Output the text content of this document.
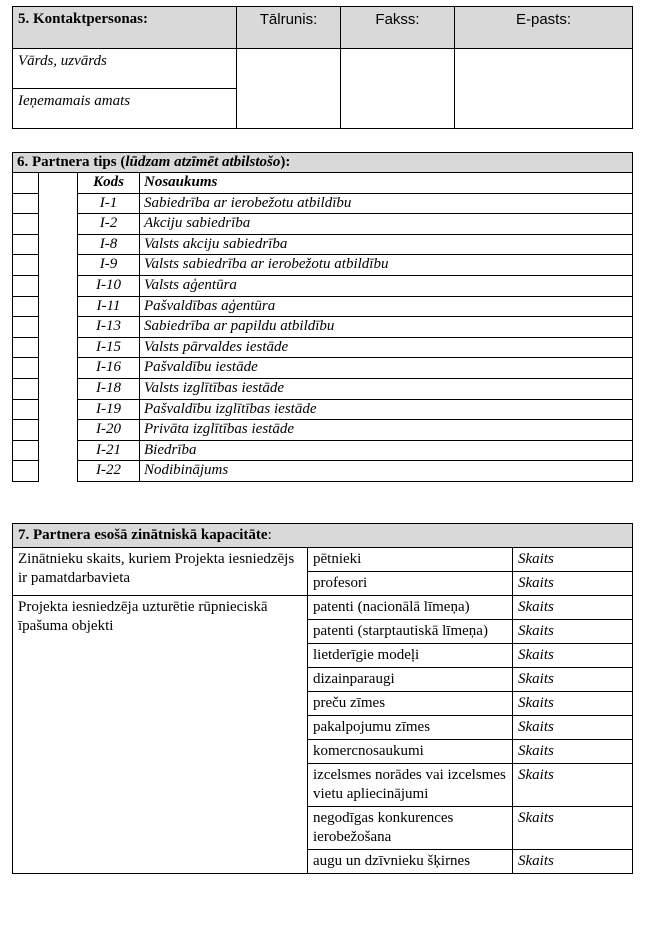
5. Kontaktpersonas:	Tālrunis:	Fakss:	E-pasts:
Vārds, uzvārds			
Ieņemamais amats			
6. Partnera tips (lūdzam atzīmēt atbilstošo):			
		Kods	Nosaukums
		I-1	Sabiedrība ar ierobežotu atbildību
		I-2	Akciju sabiedrība
		I-8	Valsts akciju sabiedrība
		I-9	Valsts sabiedrība ar ierobežotu atbildību
		I-10	Valsts aģentūra
		I-11	Pašvaldības aģentūra
		I-13	Sabiedrība ar papildu atbildību
		I-15	Valsts pārvaldes iestāde
		I-16	Pašvaldību iestāde
		I-18	Valsts izglītības iestāde
		I-19	Pašvaldību izglītības iestāde
		I-20	Privāta izglītības iestāde
		I-21	Biedrība
		I-22	Nodibinājums
7. Partnera esošā zinātniskā kapacitāte:		
Zinātnieku skaits, kuriem Projekta iesniedzējs ir pamatdarbavieta	pētnieki	Skaits
	profesori	Skaits
Projekta iesniedzēja uzturētie rūpnieciskā īpašuma objekti	patenti (nacionālā līmeņa)	Skaits
	patenti (starptautiskā līmeņa)	Skaits
	lietderīgie modeļi	Skaits
	dizainparaugi	Skaits
	preču zīmes	Skaits
	pakalpojumu zīmes	Skaits
	komercnosaukumi	Skaits
	izcelsmes norādes vai izcelsmes vietu apliecinājumi	Skaits
	negodīgas konkurences ierobežošana	Skaits
	augu un dzīvnieku šķirnes	Skaits
